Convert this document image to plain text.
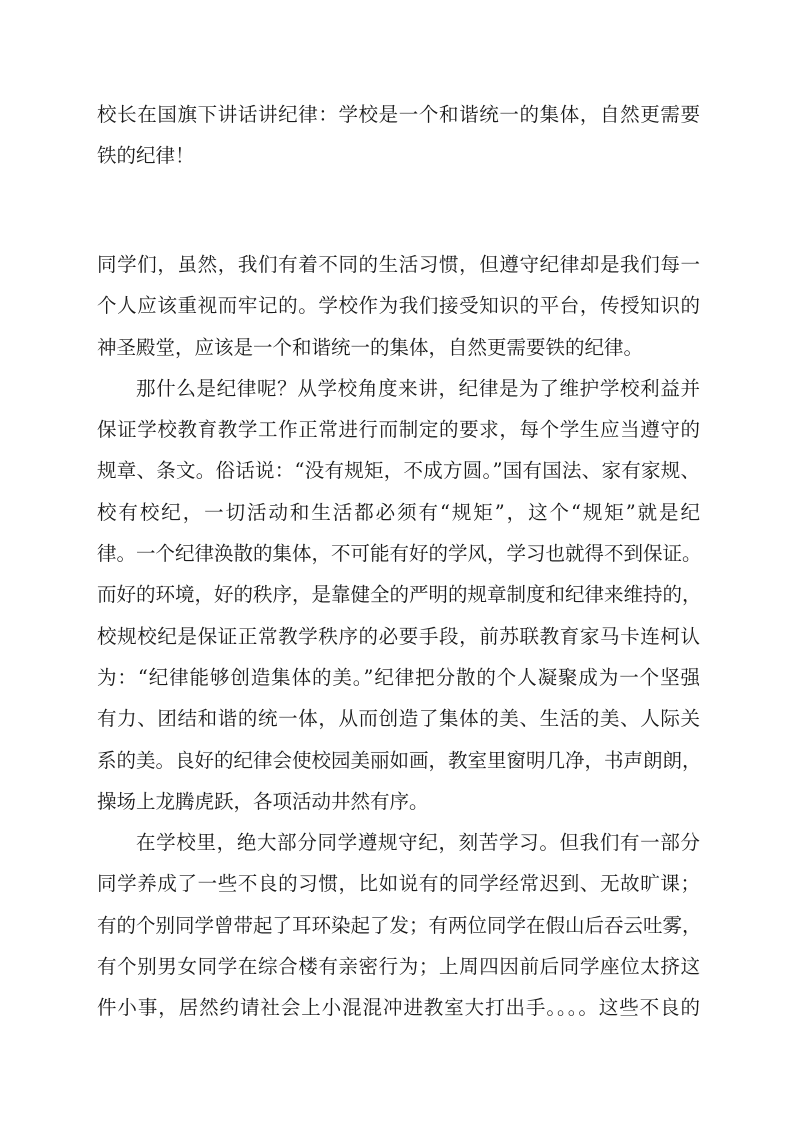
校长在国旗下讲话讲纪律：学校是一个和谐统一的集体，自然更需要
铁的纪律！
同学们，虽然，我们有着不同的生活习惯，但遵守纪律却是我们每一
个人应该重视而牢记的。学校作为我们接受知识的平台，传授知识的
神圣殿堂，应该是一个和谐统一的集体，自然更需要铁的纪律。
那什么是纪律呢？从学校角度来讲，纪律是为了维护学校利益并
保证学校教育教学工作正常进行而制定的要求，每个学生应当遵守的
规章、条文。俗话说：“没有规矩，不成方圆。”国有国法、家有家规、
校有校纪，一切活动和生活都必须有“规矩”，这个“规矩”就是纪
律。一个纪律涣散的集体，不可能有好的学风，学习也就得不到保证。
而好的环境，好的秩序，是靠健全的严明的规章制度和纪律来维持的，
校规校纪是保证正常教学秩序的必要手段，前苏联教育家马卡连柯认
为：“纪律能够创造集体的美。”纪律把分散的个人凝聚成为一个坚强
有力、团结和谐的统一体，从而创造了集体的美、生活的美、人际关
系的美。良好的纪律会使校园美丽如画，教室里窗明几净，书声朗朗，
操场上龙腾虎跃，各项活动井然有序。
在学校里，绝大部分同学遵规守纪，刻苦学习。但我们有一部分
同学养成了一些不良的习惯，比如说有的同学经常迟到、无故旷课；
有的个别同学曾带起了耳环染起了发；有两位同学在假山后吞云吐雾，
有个别男女同学在综合楼有亲密行为；上周四因前后同学座位太挤这
件小事，居然约请社会上小混混冲进教室大打出手。。。。这些不良的
